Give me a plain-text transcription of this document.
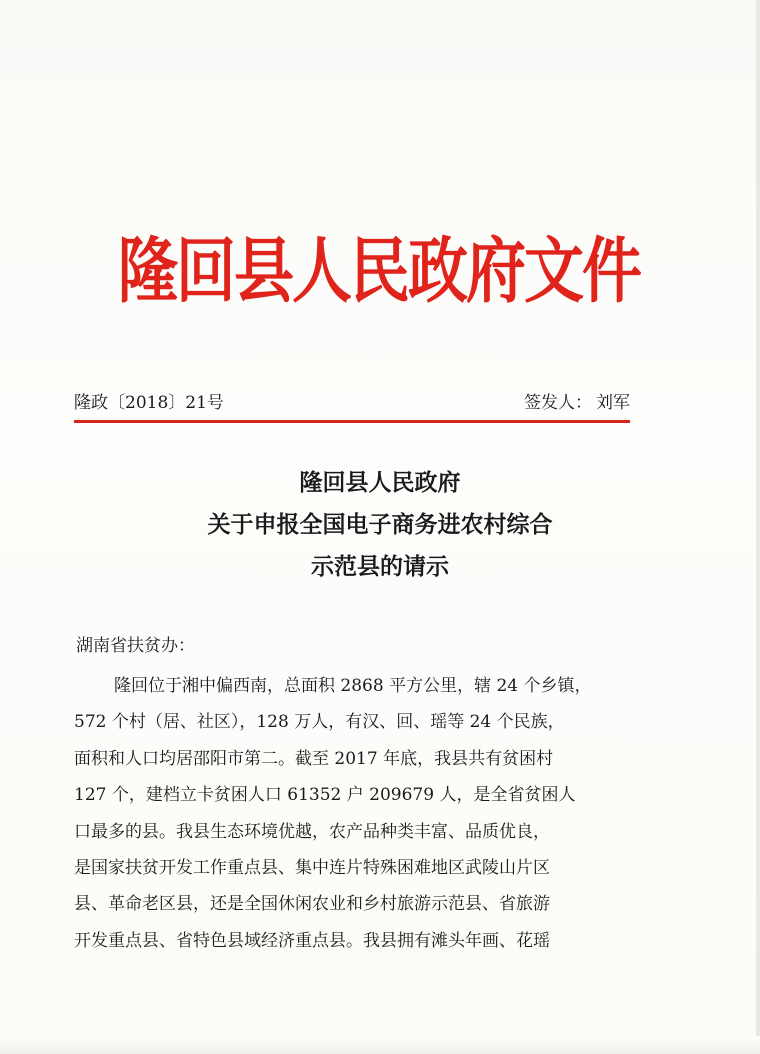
隆回县人民政府文件
隆政〔2018〕21号	签发人： 刘军
隆回县人民政府
关于申报全国电子商务进农村综合
示范县的请示
湖南省扶贫办：
隆回位于湘中偏西南，总面积 2868 平方公里，辖 24 个乡镇，
572 个村（居、社区），128 万人，有汉、回、瑶等 24 个民族，
面积和人口均居邵阳市第二。截至 2017 年底，我县共有贫困村
127 个，建档立卡贫困人口 61352 户 209679 人，是全省贫困人
口最多的县。我县生态环境优越，农产品种类丰富、品质优良，
是国家扶贫开发工作重点县、集中连片特殊困难地区武陵山片区
县、革命老区县，还是全国休闲农业和乡村旅游示范县、省旅游
开发重点县、省特色县域经济重点县。我县拥有滩头年画、花瑶
